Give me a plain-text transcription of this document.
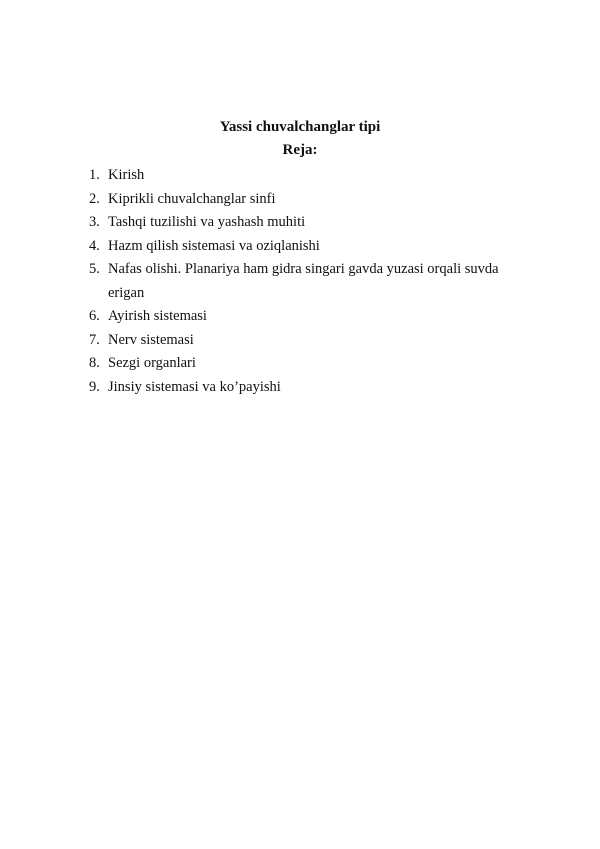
Yassi chuvalchanglar tipi
Reja:
1. Kirish
2. Kiprikli chuvalchanglar sinfi
3. Tashqi tuzilishi va yashash muhiti
4. Hazm qilish sistemasi va oziqlanishi
5. Nafas olishi. Planariya ham gidra singari gavda yuzasi orqali suvda erigan
6. Ayirish sistemasi
7. Nerv sistemasi
8. Sezgi organlari
9. Jinsiy sistemasi va ko’payishi
